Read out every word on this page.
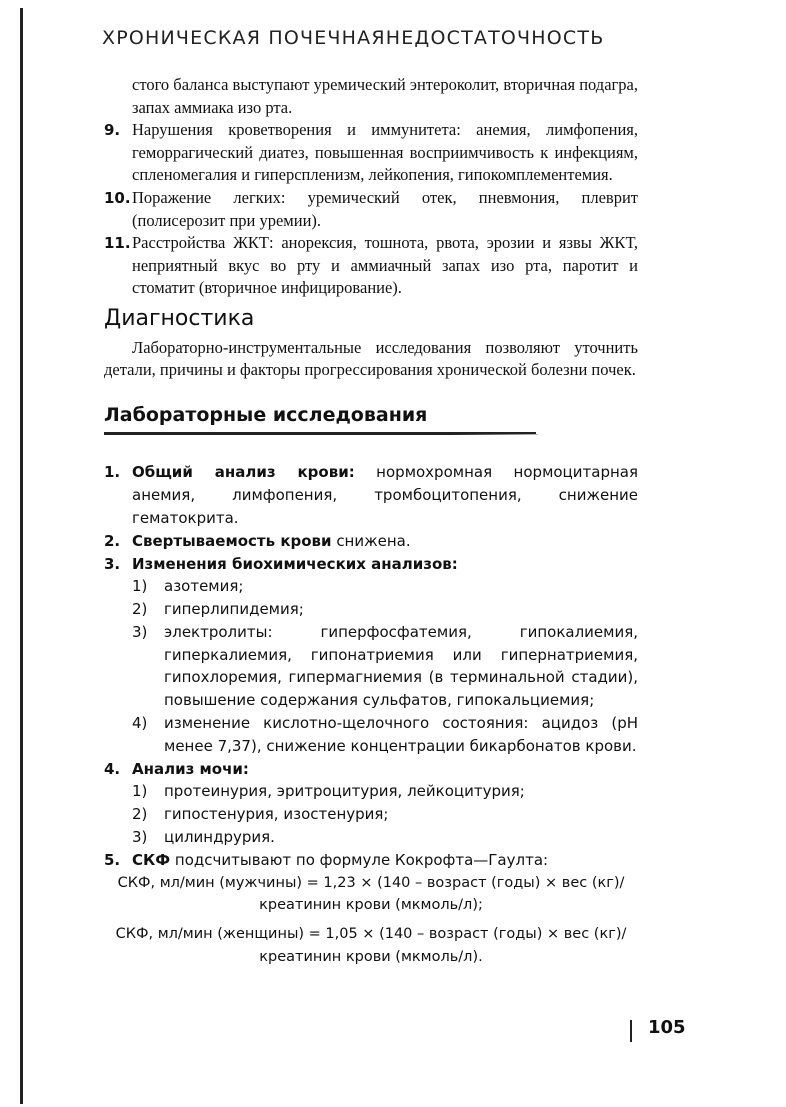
ХРОНИЧЕСКАЯ ПОЧЕЧНАЯНЕДОСТАТОЧНОСТЬ

стого баланса выступают уремический энтероколит, вторичная подагра, запах аммиака изо рта.

9. Нарушения кроветворения и иммунитета: анемия, лимфопения, геморрагический диатез, повышенная восприимчивость к инфекциям, спленомегалия и гиперспленизм, лейкопения, гипокомплементемия.
10. Поражение легких: уремический отек, пневмония, плеврит (полисерозит при уремии).
11. Расстройства ЖКТ: анорексия, тошнота, рвота, эрозии и язвы ЖКТ, неприятный вкус во рту и аммиачный запах изо рта, паротит и стоматит (вторичное инфицирование).
Диагностика

Лабораторно-инструментальные исследования позволяют уточнить детали, причины и факторы прогрессирования хронической болезни почек.

Лабораторные исследования
1. Общий анализ крови: нормохромная нормоцитарная анемия, лимфопения, тромбоцитопения, снижение гематокрита.
2. Свертываемость крови снижена.
3. Изменения биохимических анализов:
1) азотемия;
2) гиперлипидемия;
3) электролиты: гиперфосфатемия, гипокалиемия, гиперкалиемия, гипонатриемия или гипернатриемия, гипохлоремия, гипермагниемия (в терминальной стадии), повышение содержания сульфатов, гипокальциемия;
4) изменение кислотно-щелочного состояния: ацидоз (pH менее 7,37), снижение концентрации бикарбонатов крови.
4. Анализ мочи:
1) протеинурия, эритроцитурия, лейкоцитурия;
2) гипостенурия, изостенурия;
3) цилиндрурия.
5. СКФ подсчитывают по формуле Кокрофта—Гаулта:
СКФ, мл/мин (мужчины) = 1,23 × (140 – возраст (годы) × вес (кг)/
креатинин крови (мкмоль/л);
СКФ, мл/мин (женщины) = 1,05 × (140 – возраст (годы) × вес (кг)/
креатинин крови (мкмоль/л).
105
